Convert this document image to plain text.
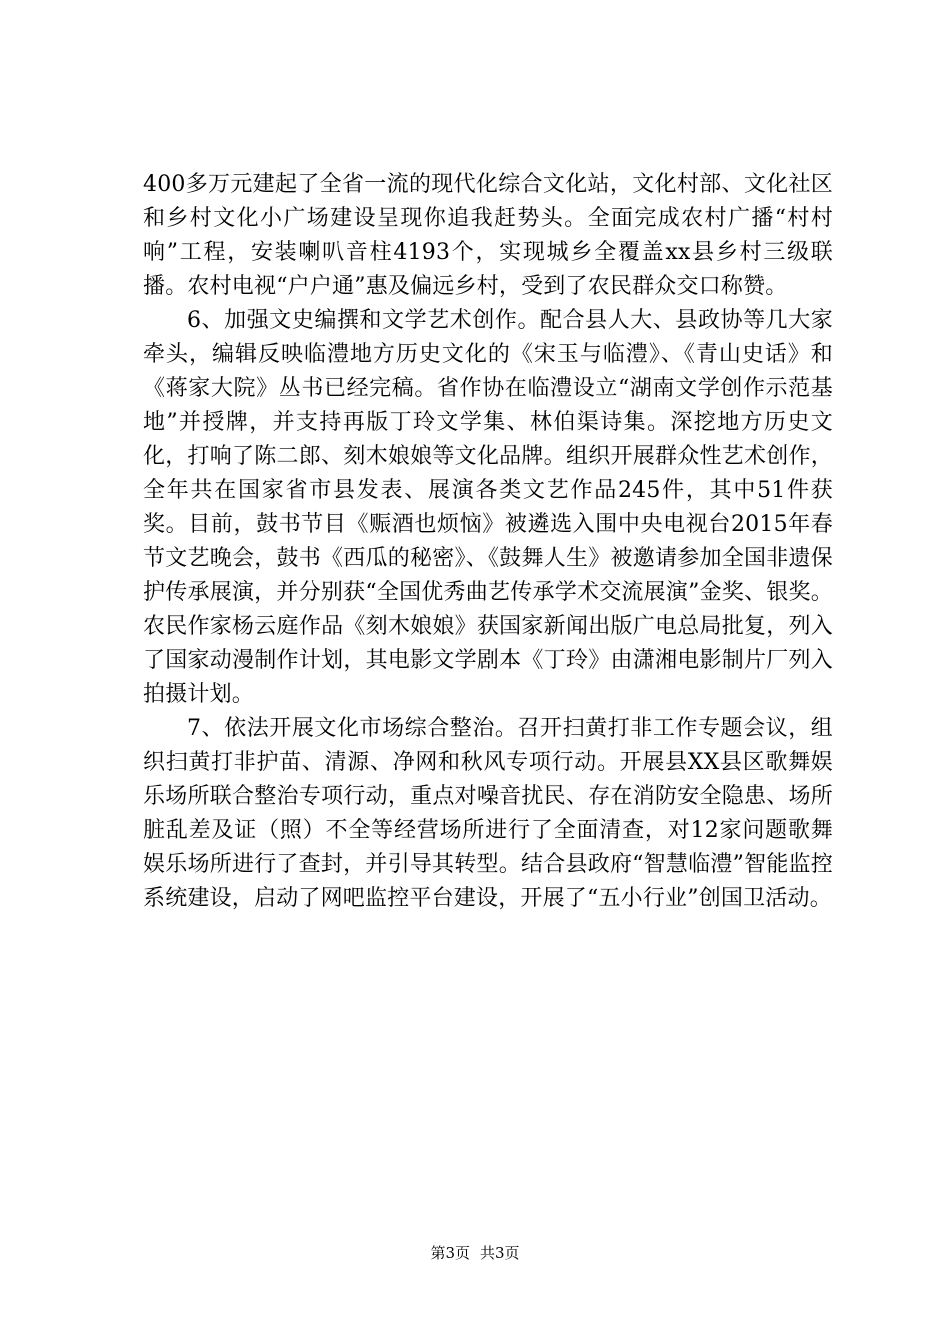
400多万元建起了全省一流的现代化综合文化站，文化村部、文化社区和乡村文化小广场建设呈现你追我赶势头。全面完成农村广播“村村响”工程，安装喇叭音柱4193个，实现城乡全覆盖xx县乡村三级联播。农村电视“户户通”惠及偏远乡村，受到了农民群众交口称赞。

6、加强文史编撰和文学艺术创作。配合县人大、县政协等几大家牵头，编辑反映临澧地方历史文化的《宋玉与临澧》、《青山史话》和《蒋家大院》丛书已经完稿。省作协在临澧设立“湖南文学创作示范基地”并授牌，并支持再版丁玲文学集、林伯渠诗集。深挖地方历史文化，打响了陈二郎、刻木娘娘等文化品牌。组织开展群众性艺术创作，全年共在国家省市县发表、展演各类文艺作品245件，其中51件获奖。目前，鼓书节目《赈酒也烦恼》被遴选入围中央电视台2015年春节文艺晚会，鼓书《西瓜的秘密》、《鼓舞人生》被邀请参加全国非遗保护传承展演，并分别获“全国优秀曲艺传承学术交流展演”金奖、银奖。农民作家杨云庭作品《刻木娘娘》获国家新闻出版广电总局批复，列入了国家动漫制作计划，其电影文学剧本《丁玲》由潇湘电影制片厂列入拍摄计划。

7、依法开展文化市场综合整治。召开扫黄打非工作专题会议，组织扫黄打非护苗、清源、净网和秋风专项行动。开展县XX县区歌舞娱乐场所联合整治专项行动，重点对噪音扰民、存在消防安全隐患、场所脏乱差及证（照）不全等经营场所进行了全面清查，对12家问题歌舞娱乐场所进行了查封，并引导其转型。结合县政府“智慧临澧”智能监控系统建设，启动了网吧监控平台建设，开展了“五小行业”创国卫活动。

第3页 共3页
